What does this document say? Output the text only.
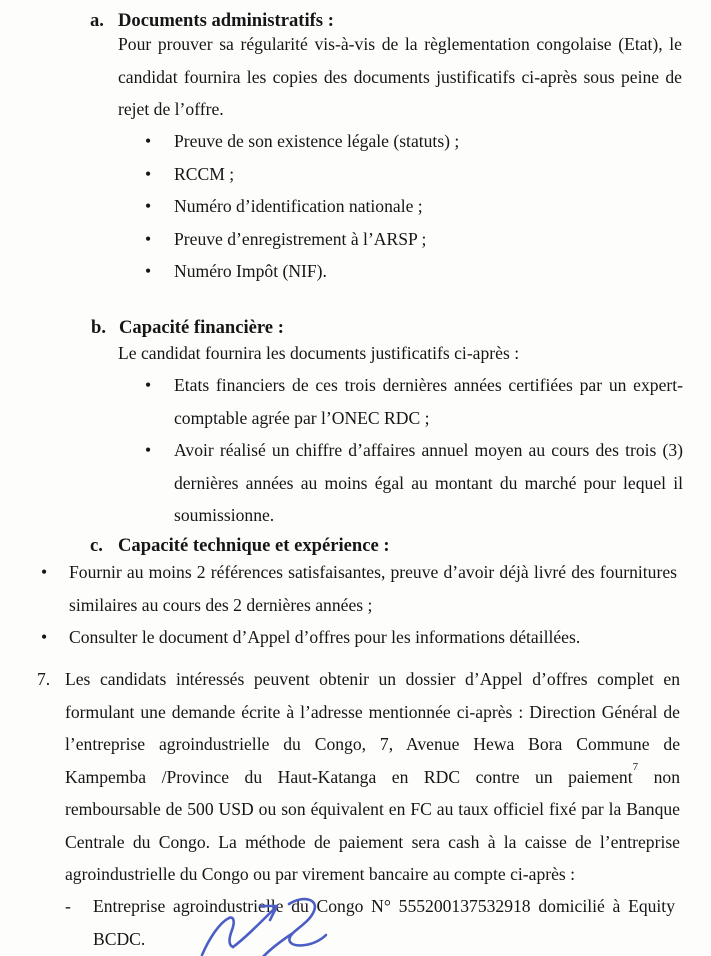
a. Documents administratifs :

Pour prouver sa régularité vis-à-vis de la règlementation congolaise (Etat), le candidat fournira les copies des documents justificatifs ci-après sous peine de rejet de l’offre.

•	Preuve de son existence légale (statuts) ;
•	RCCM ;
•	Numéro d’identification nationale ;
•	Preuve d’enregistrement à l’ARSP ;
•	Numéro Impôt (NIF).
b. Capacité financière :

Le candidat fournira les documents justificatifs ci-après :

•	Etats financiers de ces trois dernières années certifiées par un expert-comptable agrée par l’ONEC RDC ;
•	Avoir réalisé un chiffre d’affaires annuel moyen au cours des trois (3) dernières années au moins égal au montant du marché pour lequel il soumissionne.
c. Capacité technique et expérience :
•	Fournir au moins 2 références satisfaisantes, preuve d’avoir déjà livré des fournitures similaires au cours des 2 dernières années ;
•	Consulter le document d’Appel d’offres pour les informations détaillées.
7. Les candidats intéressés peuvent obtenir un dossier d’Appel d’offres complet en formulant une demande écrite à l’adresse mentionnée ci-après : Direction Général de l’entreprise agroindustrielle du Congo, 7, Avenue Hewa Bora Commune de Kampemba /Province du Haut-Katanga en RDC contre un paiement$^7$ non remboursable de 500 USD ou son équivalent en FC au taux officiel fixé par la Banque Centrale du Congo. La méthode de paiement sera cash à la caisse de l’entreprise agroindustrielle du Congo ou par virement bancaire au compte ci-après :

-	Entreprise agroindustrielle du Congo N° 555200137532918 domicilié à Equity BCDC.
